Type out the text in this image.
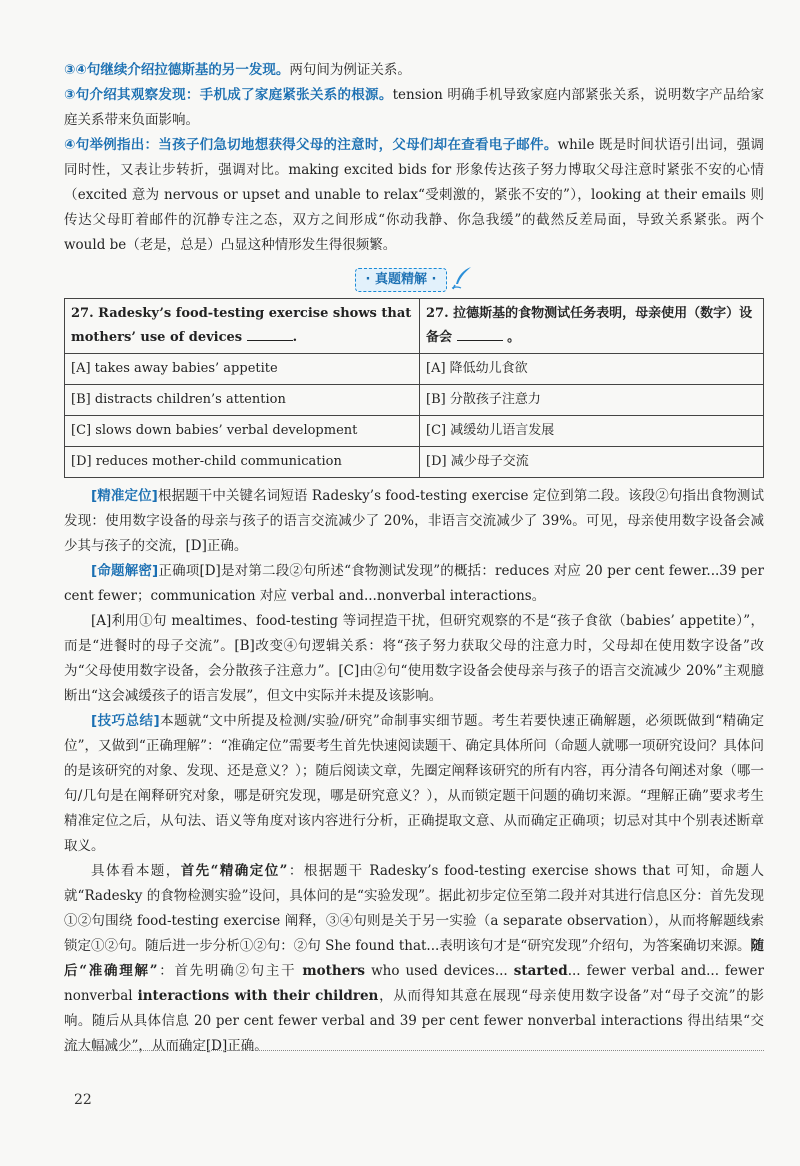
③④句继续介绍拉德斯基的另一发现。两句间为例证关系。

③句介绍其观察发现：手机成了家庭紧张关系的根源。tension 明确手机导致家庭内部紧张关系，说明数字产品给家庭关系带来负面影响。

④句举例指出：当孩子们急切地想获得父母的注意时，父母们却在查看电子邮件。while 既是时间状语引出词，强调同时性，又表让步转折，强调对比。making excited bids for 形象传达孩子努力博取父母注意时紧张不安的心情（excited 意为 nervous or upset and unable to relax“受刺激的，紧张不安的”），looking at their emails 则传达父母盯着邮件的沉静专注之态，双方之间形成“你动我静、你急我缓”的截然反差局面，导致关系紧张。两个 would be（老是，总是）凸显这种情形发生得很频繁。

· 真题精解 ·
27. Radesky’s food-testing exercise shows that mothers’ use of devices .	27. 拉德斯基的食物测试任务表明，母亲使用（数字）设备会 。
[A] takes away babies’ appetite	[A] 降低幼儿食欲
[B] distracts children’s attention	[B] 分散孩子注意力
[C] slows down babies’ verbal development	[C] 减缓幼儿语言发展
[D] reduces mother-child communication	[D] 减少母子交流

[精准定位]根据题干中关键名词短语 Radesky’s food-testing exercise 定位到第二段。该段②句指出食物测试发现：使用数字设备的母亲与孩子的语言交流减少了 20%，非语言交流减少了 39%。可见，母亲使用数字设备会减少其与孩子的交流，[D]正确。

[命题解密]正确项[D]是对第二段②句所述“食物测试发现”的概括：reduces 对应 20 per cent fewer...39 per cent fewer；communication 对应 verbal and...nonverbal interactions。

[A]利用①句 mealtimes、food-testing 等词捏造干扰，但研究观察的不是“孩子食欲（babies’ appetite）”，而是“进餐时的母子交流”。[B]改变④句逻辑关系：将“孩子努力获取父母的注意力时，父母却在使用数字设备”改为“父母使用数字设备，会分散孩子注意力”。[C]由②句“使用数字设备会使母亲与孩子的语言交流减少 20%”主观臆断出“这会减缓孩子的语言发展”，但文中实际并未提及该影响。

[技巧总结]本题就“文中所提及检测/实验/研究”命制事实细节题。考生若要快速正确解题，必须既做到“精确定位”，又做到“正确理解”：“准确定位”需要考生首先快速阅读题干、确定具体所问（命题人就哪一项研究设问？具体问的是该研究的对象、发现、还是意义？）；随后阅读文章，先圈定阐释该研究的所有内容，再分清各句阐述对象（哪一句/几句是在阐释研究对象，哪是研究发现，哪是研究意义？），从而锁定题干问题的确切来源。“理解正确”要求考生精准定位之后，从句法、语义等角度对该内容进行分析，正确提取文意、从而确定正确项；切忌对其中个别表述断章取义。

具体看本题，首先“精确定位”：根据题干 Radesky’s food-testing exercise shows that 可知，命题人就“Radesky 的食物检测实验”设问，具体问的是“实验发现”。据此初步定位至第二段并对其进行信息区分：首先发现①②句围绕 food-testing exercise 阐释，③④句则是关于另一实验（a separate observation），从而将解题线索锁定①②句。随后进一步分析①②句：②句 She found that...表明该句才是“研究发现”介绍句，为答案确切来源。随后“准确理解”：首先明确②句主干 mothers who used devices... started... fewer verbal and... fewer nonverbal interactions with their children，从而得知其意在展现“母亲使用数字设备”对“母子交流”的影响。随后从具体信息 20 per cent fewer verbal and 39 per cent fewer nonverbal interactions 得出结果“交流大幅减少”，从而确定[D]正确。

22
